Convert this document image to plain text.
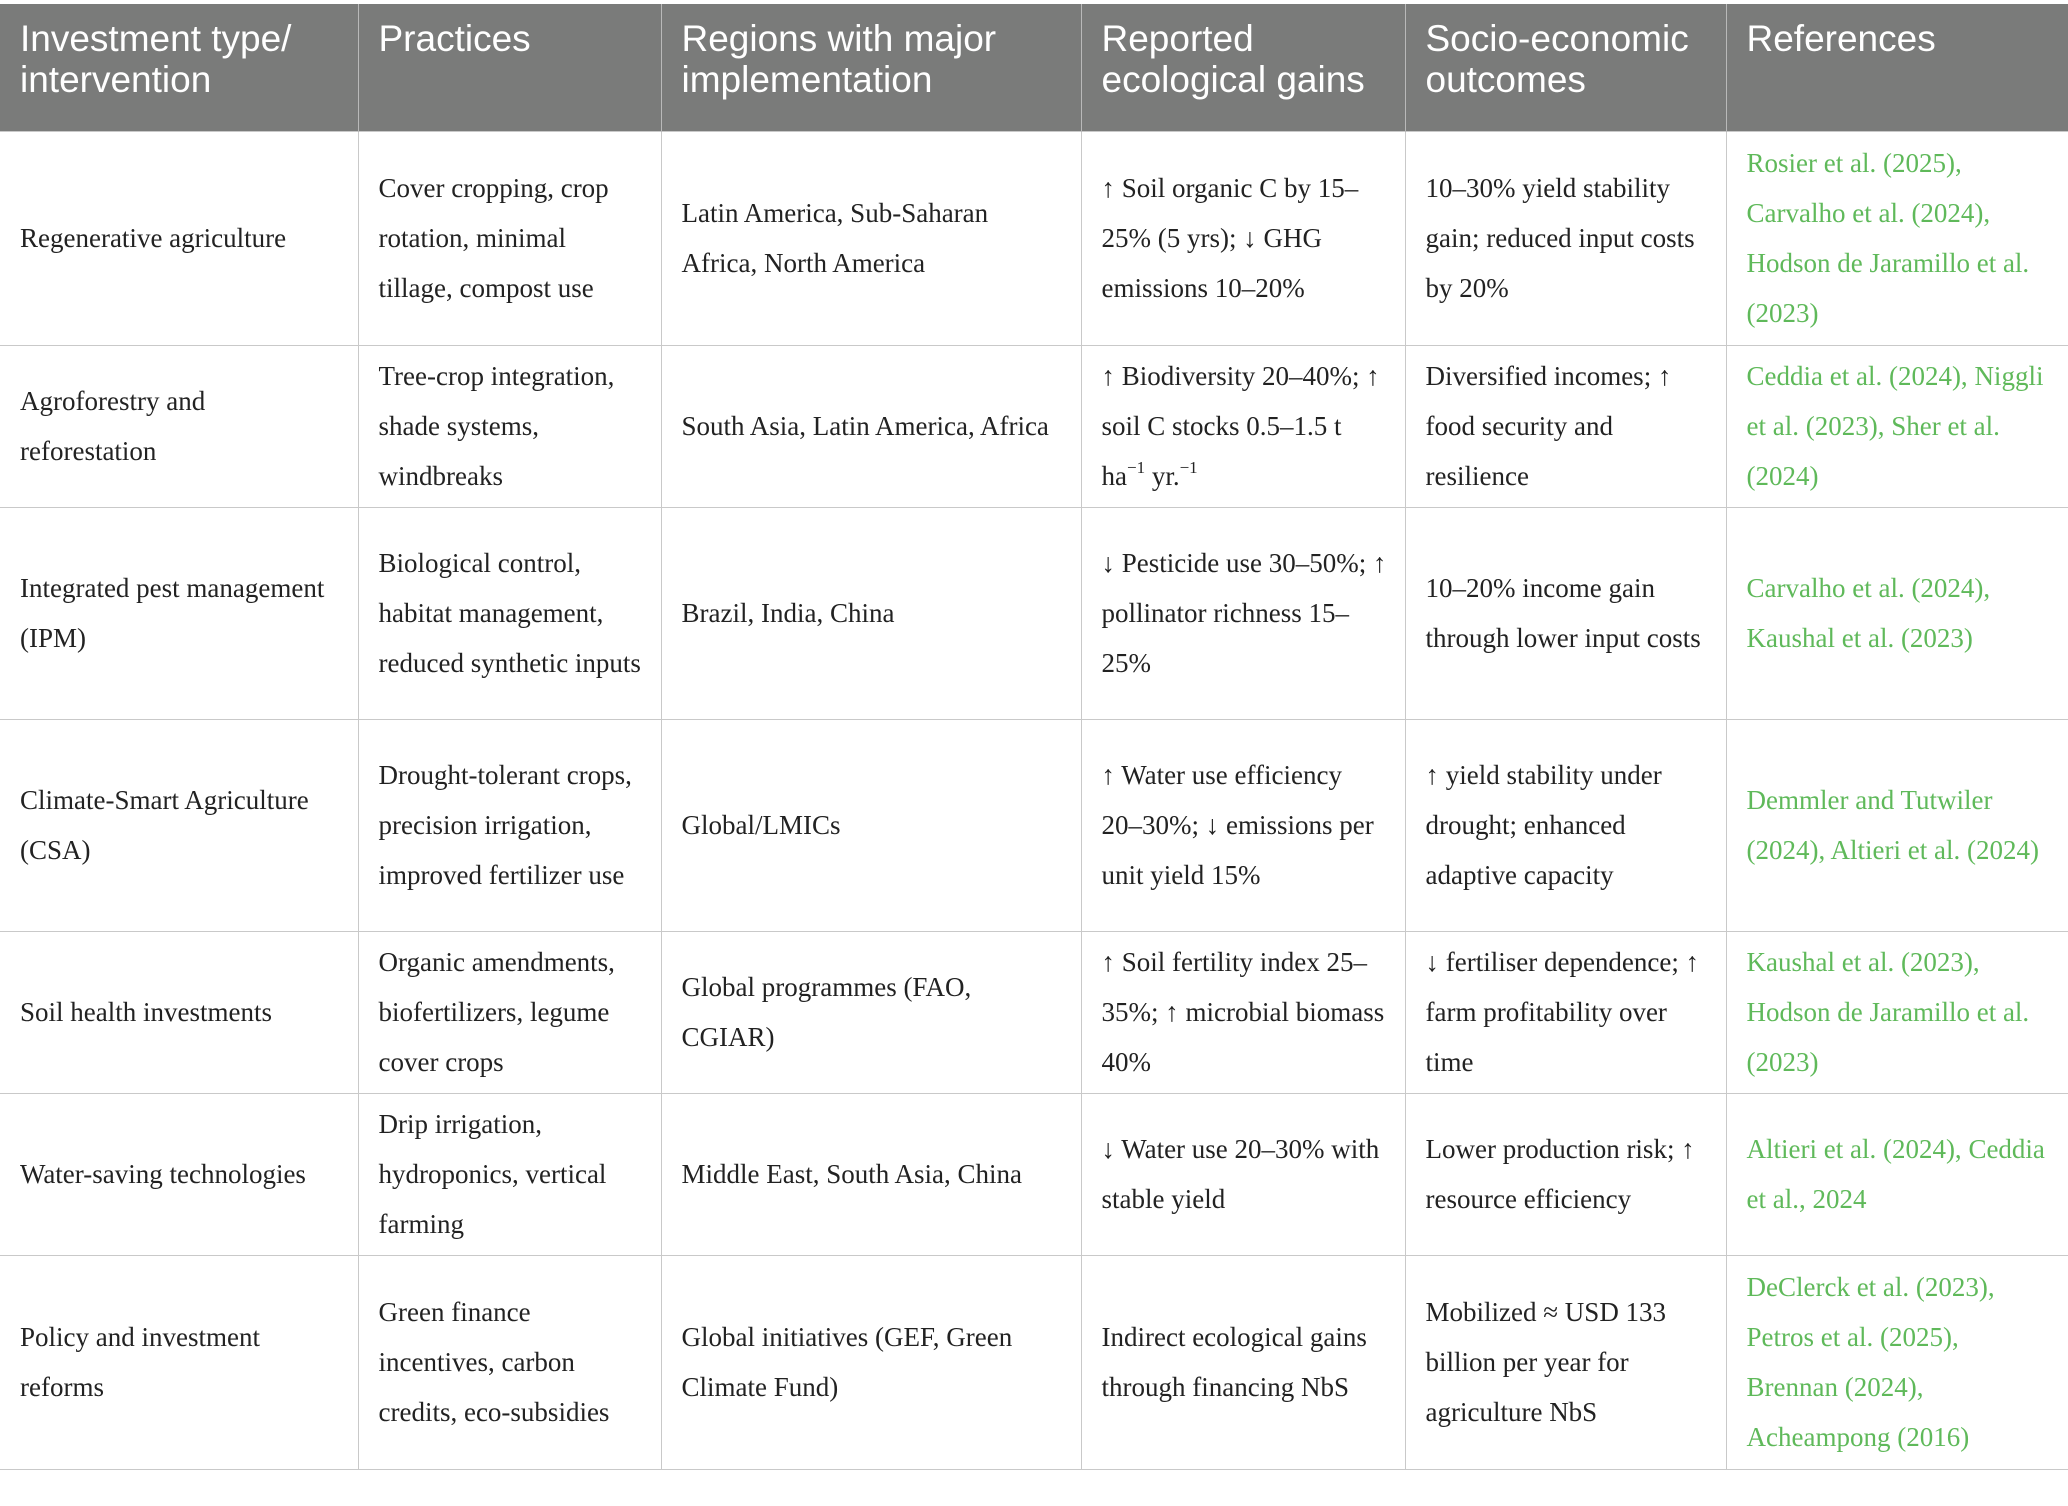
Investment type/ intervention	Practices	Regions with major implementation	Reported ecological gains	Socio-economic outcomes	References
Regenerative agriculture	Cover cropping, crop rotation, minimal tillage, compost use	Latin America, Sub-Saharan Africa, North America	↑ Soil organic C by 15–25% (5 yrs); ↓ GHG emissions 10–20%	10–30% yield stability gain; reduced input costs by 20%	Rosier et al. (2025), Carvalho et al. (2024), Hodson de Jaramillo et al. (2023)
Agroforestry and reforestation	Tree-crop integration, shade systems, windbreaks	South Asia, Latin America, Africa	↑ Biodiversity 20–40%; ↑ soil C stocks 0.5–1.5 t $ha^{-1}$ yr.$^{-1}$	Diversified incomes; ↑ food security and resilience	Ceddia et al. (2024), Niggli et al. (2023), Sher et al. (2024)
Integrated pest management (IPM)	Biological control, habitat management, reduced synthetic inputs	Brazil, India, China	↓ Pesticide use 30–50%; ↑ pollinator richness 15–25%	10–20% income gain through lower input costs	Carvalho et al. (2024), Kaushal et al. (2023)
Climate-Smart Agriculture (CSA)	Drought-tolerant crops, precision irrigation, improved fertilizer use	Global/LMICs	↑ Water use efficiency 20–30%; ↓ emissions per unit yield 15%	↑ yield stability under drought; enhanced adaptive capacity	Demmler and Tutwiler (2024), Altieri et al. (2024)
Soil health investments	Organic amendments, biofertilizers, legume cover crops	Global programmes (FAO, CGIAR)	↑ Soil fertility index 25–35%; ↑ microbial biomass 40%	↓ fertiliser dependence; ↑ farm profitability over time	Kaushal et al. (2023), Hodson de Jaramillo et al. (2023)
Water-saving technologies	Drip irrigation, hydroponics, vertical farming	Middle East, South Asia, China	↓ Water use 20–30% with stable yield	Lower production risk; ↑ resource efficiency	Altieri et al. (2024), Ceddia et al., 2024
Policy and investment reforms	Green finance incentives, carbon credits, eco-subsidies	Global initiatives (GEF, Green Climate Fund)	Indirect ecological gains through financing NbS	Mobilized ≈ USD 133 billion per year for agriculture NbS	DeClerck et al. (2023), Petros et al. (2025), Brennan (2024), Acheampong (2016)
